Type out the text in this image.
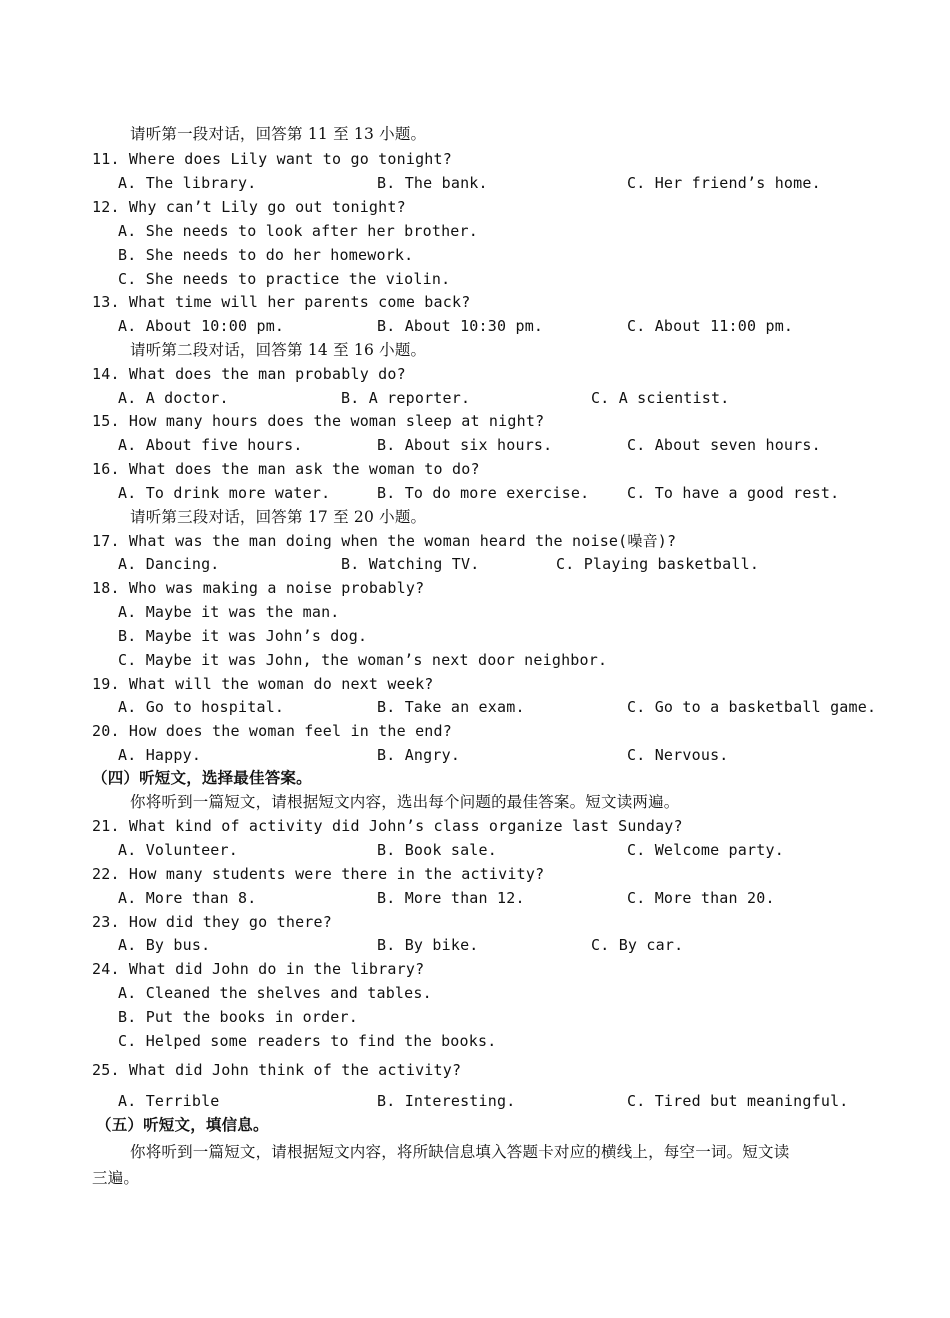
请听第一段对话，回答第 11 至 13 小题。
11. Where does Lily want to go tonight?
A. The library.	B. The bank.	C. Her friend’s home.
12. Why can’t Lily go out tonight?
A. She needs to look after her brother.
B. She needs to do her homework.
C. She needs to practice the violin.
13. What time will her parents come back?
A. About 10:00 pm.	B. About 10:30 pm.	C. About 11:00 pm.
请听第二段对话，回答第 14 至 16 小题。
14. What does the man probably do?
A. A doctor.	B. A reporter.	C. A scientist.
15. How many hours does the woman sleep at night?
A. About five hours.	B. About six hours.	C. About seven hours.
16. What does the man ask the woman to do?
A. To drink more water.	B. To do more exercise.	C. To have a good rest.
请听第三段对话，回答第 17 至 20 小题。
17. What was the man doing when the woman heard the noise(噪音)?
A. Dancing.	B. Watching TV.	C. Playing basketball.
18. Who was making a noise probably?
A. Maybe it was the man.
B. Maybe it was John’s dog.
C. Maybe it was John, the woman’s next door neighbor.
19. What will the woman do next week?
A. Go to hospital.	B. Take an exam.	C. Go to a basketball game.
20. How does the woman feel in the end?
A. Happy.	B. Angry.	C. Nervous.
（四）听短文，选择最佳答案。
你将听到一篇短文，请根据短文内容，选出每个问题的最佳答案。短文读两遍。
21. What kind of activity did John’s class organize last Sunday?
A. Volunteer.	B. Book sale.	C. Welcome party.
22. How many students were there in the activity?
A. More than 8.	B. More than 12.	C. More than 20.
23. How did they go there?
A. By bus.	B. By bike.	C. By car.
24. What did John do in the library?
A. Cleaned the shelves and tables.
B. Put the books in order.
C. Helped some readers to find the books.
25. What did John think of the activity?
A. Terrible	B. Interesting.	C. Tired but meaningful.
（五）听短文，填信息。
你将听到一篇短文，请根据短文内容，将所缺信息填入答题卡对应的横线上，每空一词。短文读
三遍。
